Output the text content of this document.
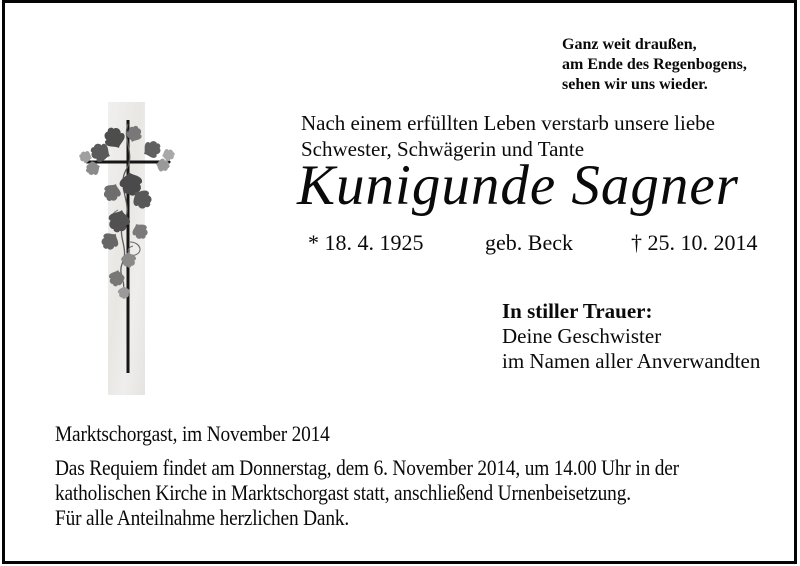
Ganz weit draußen,
am Ende des Regenbogens,
sehen wir uns wieder.
Nach einem erfüllten Leben verstarb unsere liebe
Schwester, Schwägerin und Tante
Kunigunde Sagner
* 18. 4. 1925	geb. Beck	† 25. 10. 2014
In stiller Trauer:
Deine Geschwister
im Namen aller Anverwandten
Marktschorgast, im November 2014
Das Requiem findet am Donnerstag, dem 6. November 2014, um 14.00 Uhr in der
katholischen Kirche in Marktschorgast statt, anschließend Urnenbeisetzung.
Für alle Anteilnahme herzlichen Dank.
